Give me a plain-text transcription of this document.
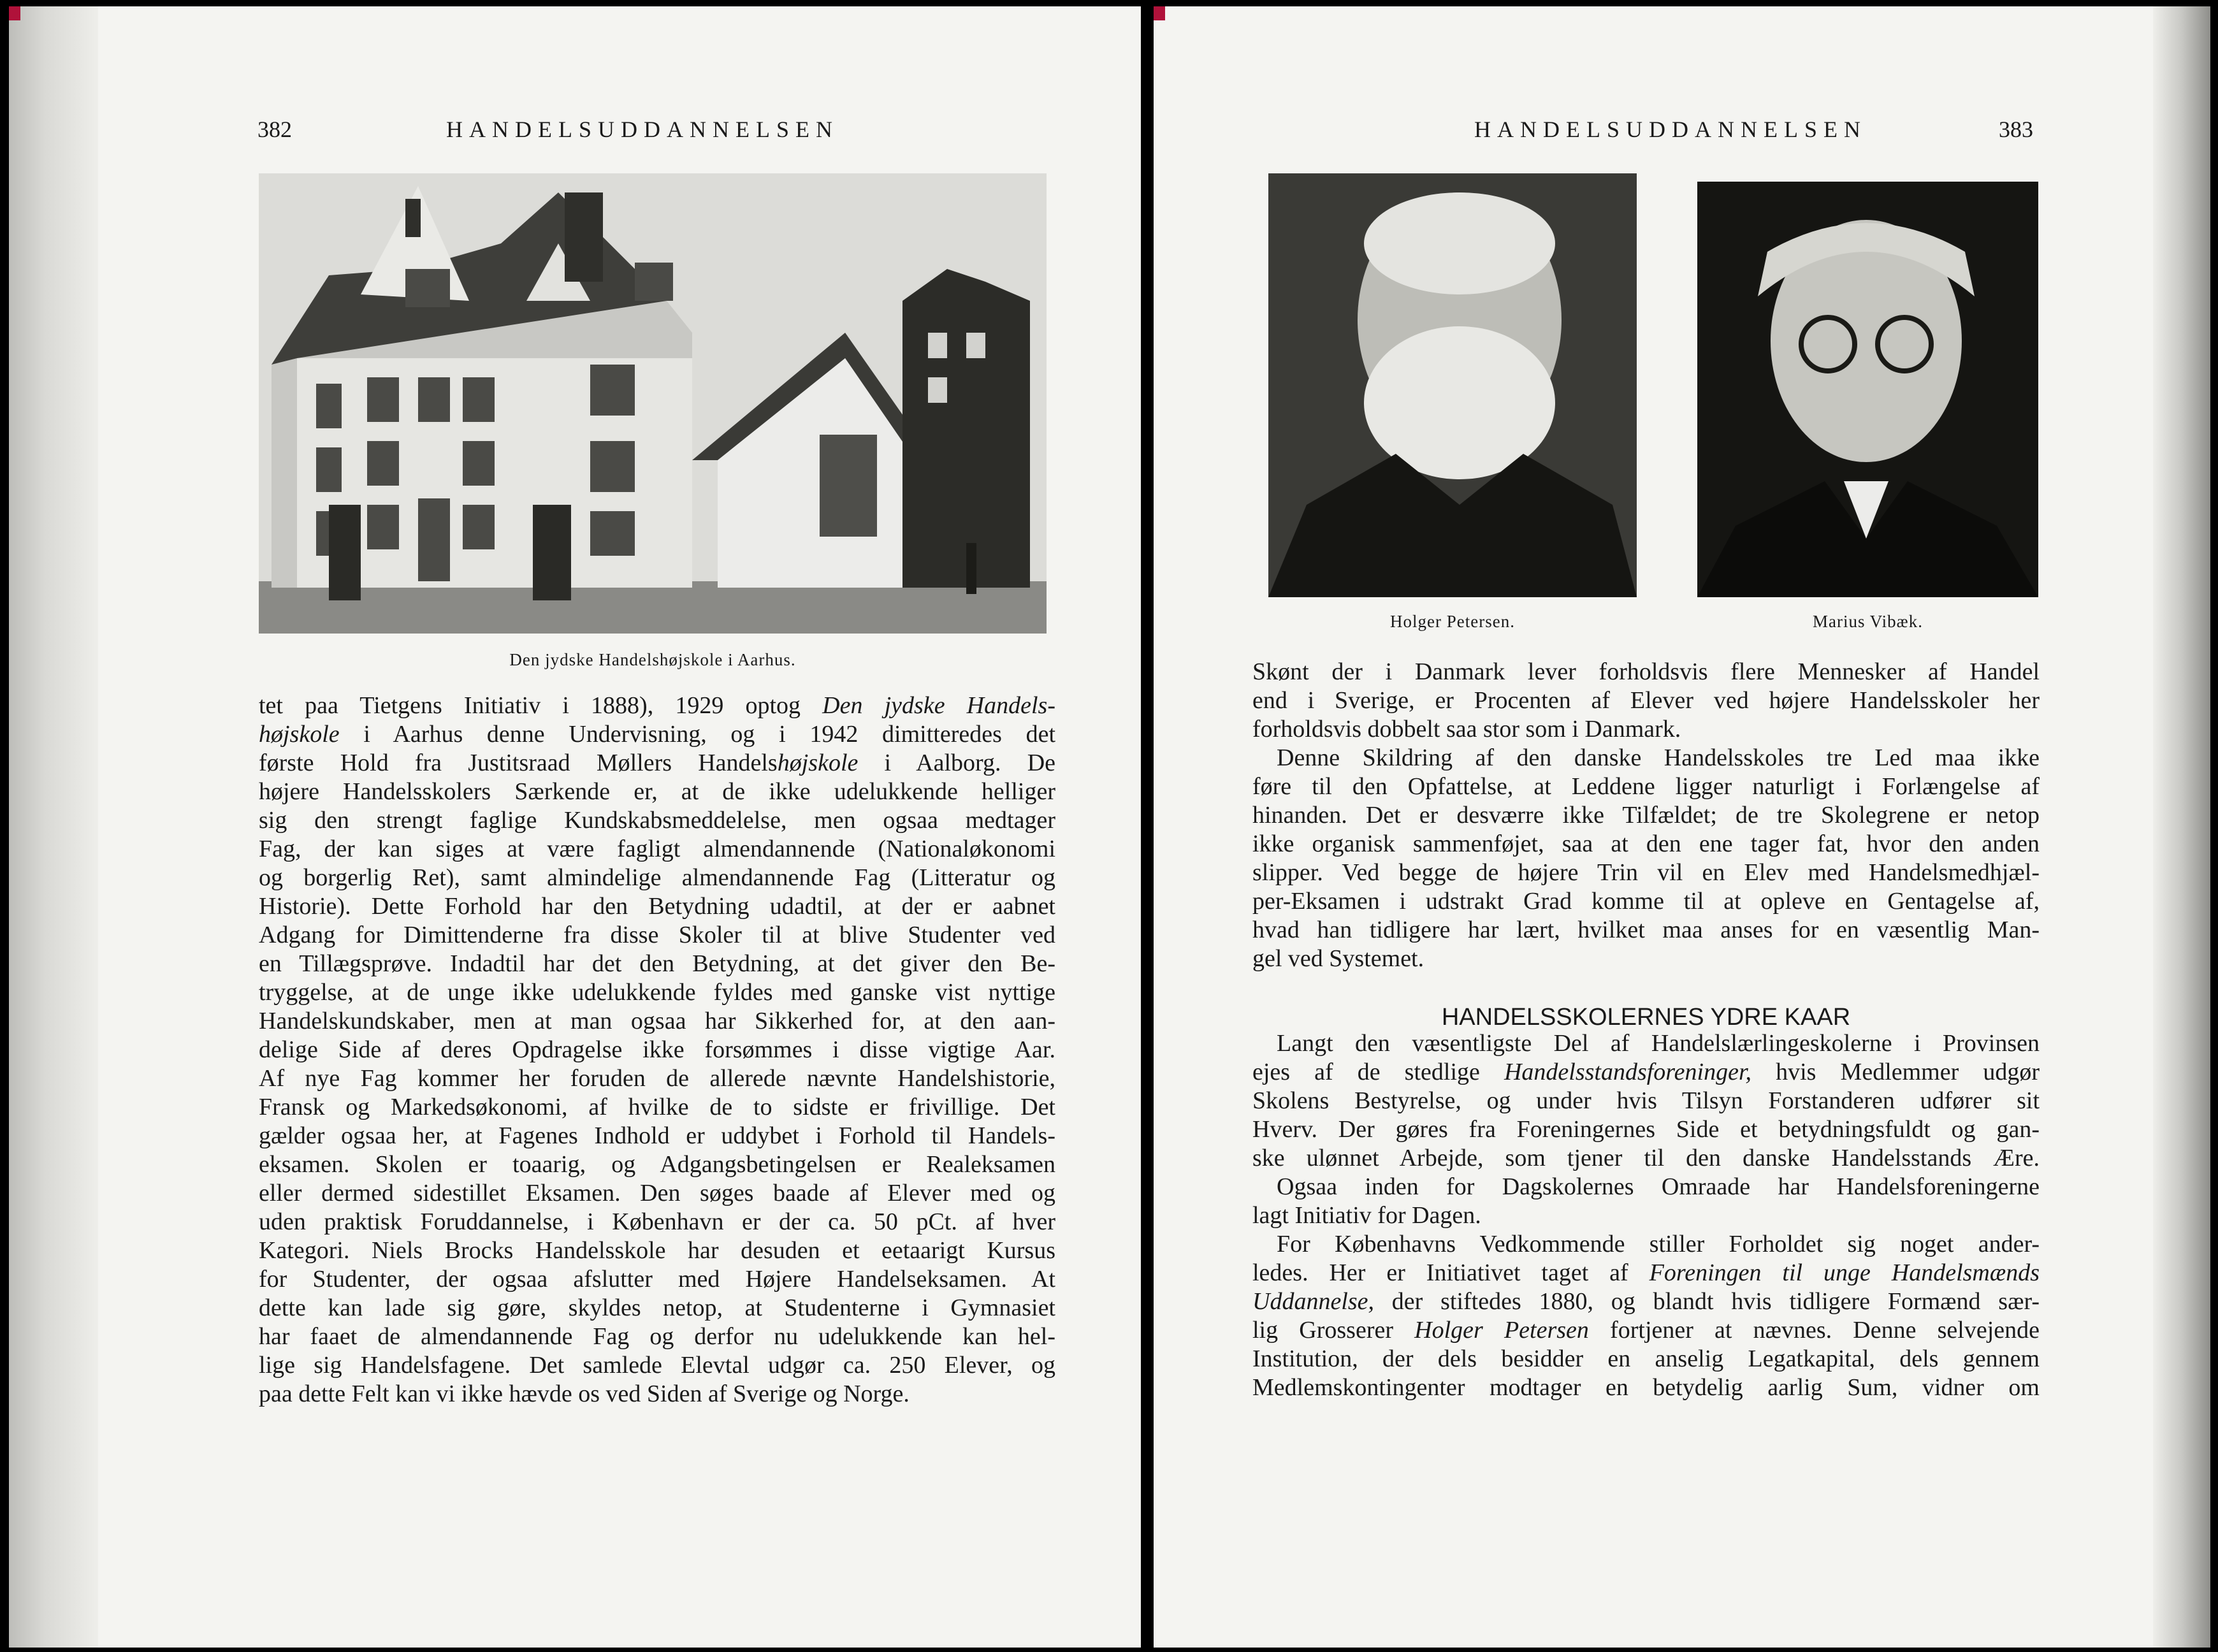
382	HANDELSUDDANNELSEN
Den jydske Handelshøjskole i Aarhus.
tet paa Tietgens Initiativ i 1888), 1929 optog Den jydske Handels-
højskole i Aarhus denne Undervisning, og i 1942 dimitteredes det
første Hold fra Justitsraad Møllers Handelshøjskole i Aalborg. De
højere Handelsskolers Særkende er, at de ikke udelukkende helliger
sig den strengt faglige Kundskabsmeddelelse, men ogsaa medtager
Fag, der kan siges at være fagligt almendannende (Nationaløkonomi
og borgerlig Ret), samt almindelige almendannende Fag (Litteratur og
Historie). Dette Forhold har den Betydning udadtil, at der er aabnet
Adgang for Dimittenderne fra disse Skoler til at blive Studenter ved
en Tillægsprøve. Indadtil har det den Betydning, at det giver den Be-
tryggelse, at de unge ikke udelukkende fyldes med ganske vist nyttige
Handelskundskaber, men at man ogsaa har Sikkerhed for, at den aan-
delige Side af deres Opdragelse ikke forsømmes i disse vigtige Aar.
Af nye Fag kommer her foruden de allerede nævnte Handelshistorie,
Fransk og Markedsøkonomi, af hvilke de to sidste er frivillige. Det
gælder ogsaa her, at Fagenes Indhold er uddybet i Forhold til Handels-
eksamen. Skolen er toaarig, og Adgangsbetingelsen er Realeksamen
eller dermed sidestillet Eksamen. Den søges baade af Elever med og
uden praktisk Foruddannelse, i København er der ca. 50 pCt. af hver
Kategori. Niels Brocks Handelsskole har desuden et eetaarigt Kursus
for Studenter, der ogsaa afslutter med Højere Handelseksamen. At
dette kan lade sig gøre, skyldes netop, at Studenterne i Gymnasiet
har faaet de almendannende Fag og derfor nu udelukkende kan hel-
lige sig Handelsfagene. Det samlede Elevtal udgør ca. 250 Elever, og
paa dette Felt kan vi ikke hævde os ved Siden af Sverige og Norge.
HANDELSUDDANNELSEN	383
Holger Petersen.	Marius Vibæk.
Skønt der i Danmark lever forholdsvis flere Mennesker af Handel
end i Sverige, er Procenten af Elever ved højere Handelsskoler her
forholdsvis dobbelt saa stor som i Danmark.
Denne Skildring af den danske Handelsskoles tre Led maa ikke
føre til den Opfattelse, at Leddene ligger naturligt i Forlængelse af
hinanden. Det er desværre ikke Tilfældet; de tre Skolegrene er netop
ikke organisk sammenføjet, saa at den ene tager fat, hvor den anden
slipper. Ved begge de højere Trin vil en Elev med Handelsmedhjæl-
per-Eksamen i udstrakt Grad komme til at opleve en Gentagelse af,
hvad han tidligere har lært, hvilket maa anses for en væsentlig Man-
gel ved Systemet.
HANDELSSKOLERNES YDRE KAAR
Langt den væsentligste Del af Handelslærlingeskolerne i Provinsen
ejes af de stedlige Handelsstandsforeninger, hvis Medlemmer udgør
Skolens Bestyrelse, og under hvis Tilsyn Forstanderen udfører sit
Hverv. Der gøres fra Foreningernes Side et betydningsfuldt og gan-
ske ulønnet Arbejde, som tjener til den danske Handelsstands Ære.
Ogsaa inden for Dagskolernes Omraade har Handelsforeningerne
lagt Initiativ for Dagen.
For Københavns Vedkommende stiller Forholdet sig noget ander-
ledes. Her er Initiativet taget af Foreningen til unge Handelsmænds
Uddannelse, der stiftedes 1880, og blandt hvis tidligere Formænd sær-
lig Grosserer Holger Petersen fortjener at nævnes. Denne selvejende
Institution, der dels besidder en anselig Legatkapital, dels gennem
Medlemskontingenter modtager en betydelig aarlig Sum, vidner om
